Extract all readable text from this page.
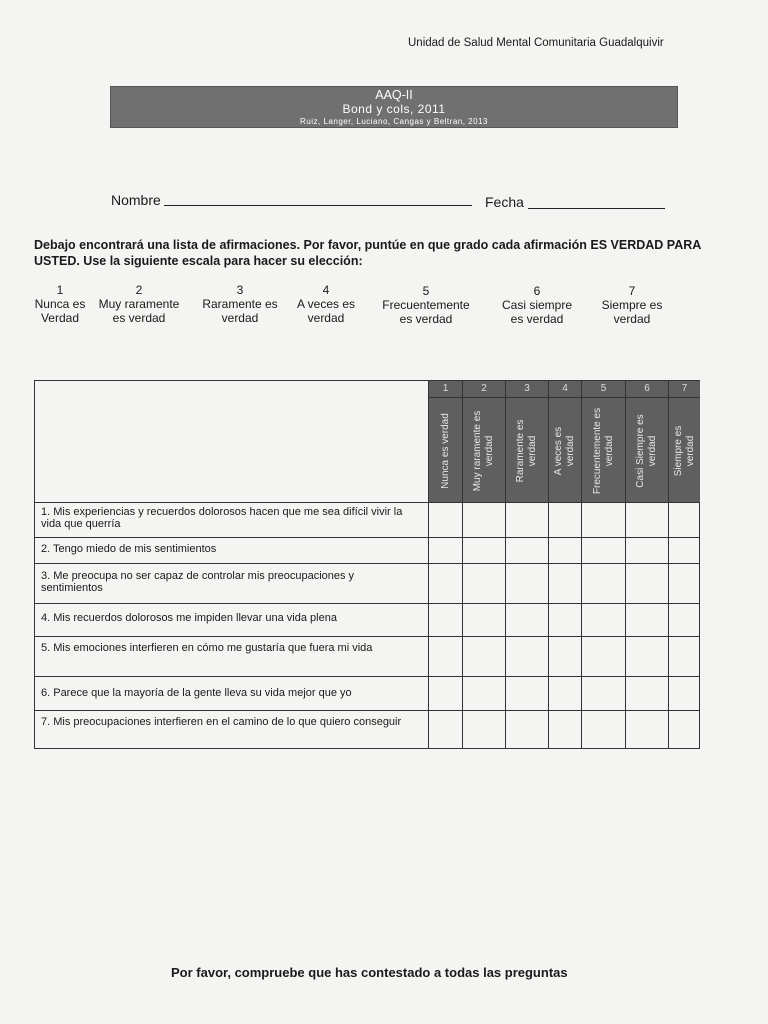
Unidad de Salud Mental Comunitaria Guadalquivir
AAQ-II
Bond y cols, 2011
Ruiz, Langer, Luciano, Cangas y Beltran, 2013
Nombre	Fecha
Debajo encontrará una lista de afirmaciones. Por favor, puntúe en que grado cada afirmación ES VERDAD PARA USTED. Use la siguiente escala para hacer su elección:
1
Nunca es Verdad
2
Muy raramente es verdad
3
Raramente es verdad
4
A veces es verdad
5
Frecuentemente es verdad
6
Casi siempre es verdad
7
Siempre es verdad
1
Nunca es verdad
2
Muy raramente es verdad
3
Raramente es verdad
4
A veces es verdad
5
Frecuentemente es verdad
6
Casi Siempre es verdad
7
Siempre es verdad
1. Mis experiencias y recuerdos dolorosos hacen que me sea difícil vivir la vida que querría
2. Tengo miedo de mis sentimientos
3. Me preocupa no ser capaz de controlar mis preocupaciones y sentimientos
4. Mis recuerdos dolorosos me impiden llevar una vida plena
5. Mis emociones interfieren en cómo me gustaría que fuera mi vida
6. Parece que la mayoría de la gente lleva su vida mejor que yo
7. Mis preocupaciones interfieren en el camino de lo que quiero conseguir
Por favor, compruebe que has contestado a todas las preguntas
